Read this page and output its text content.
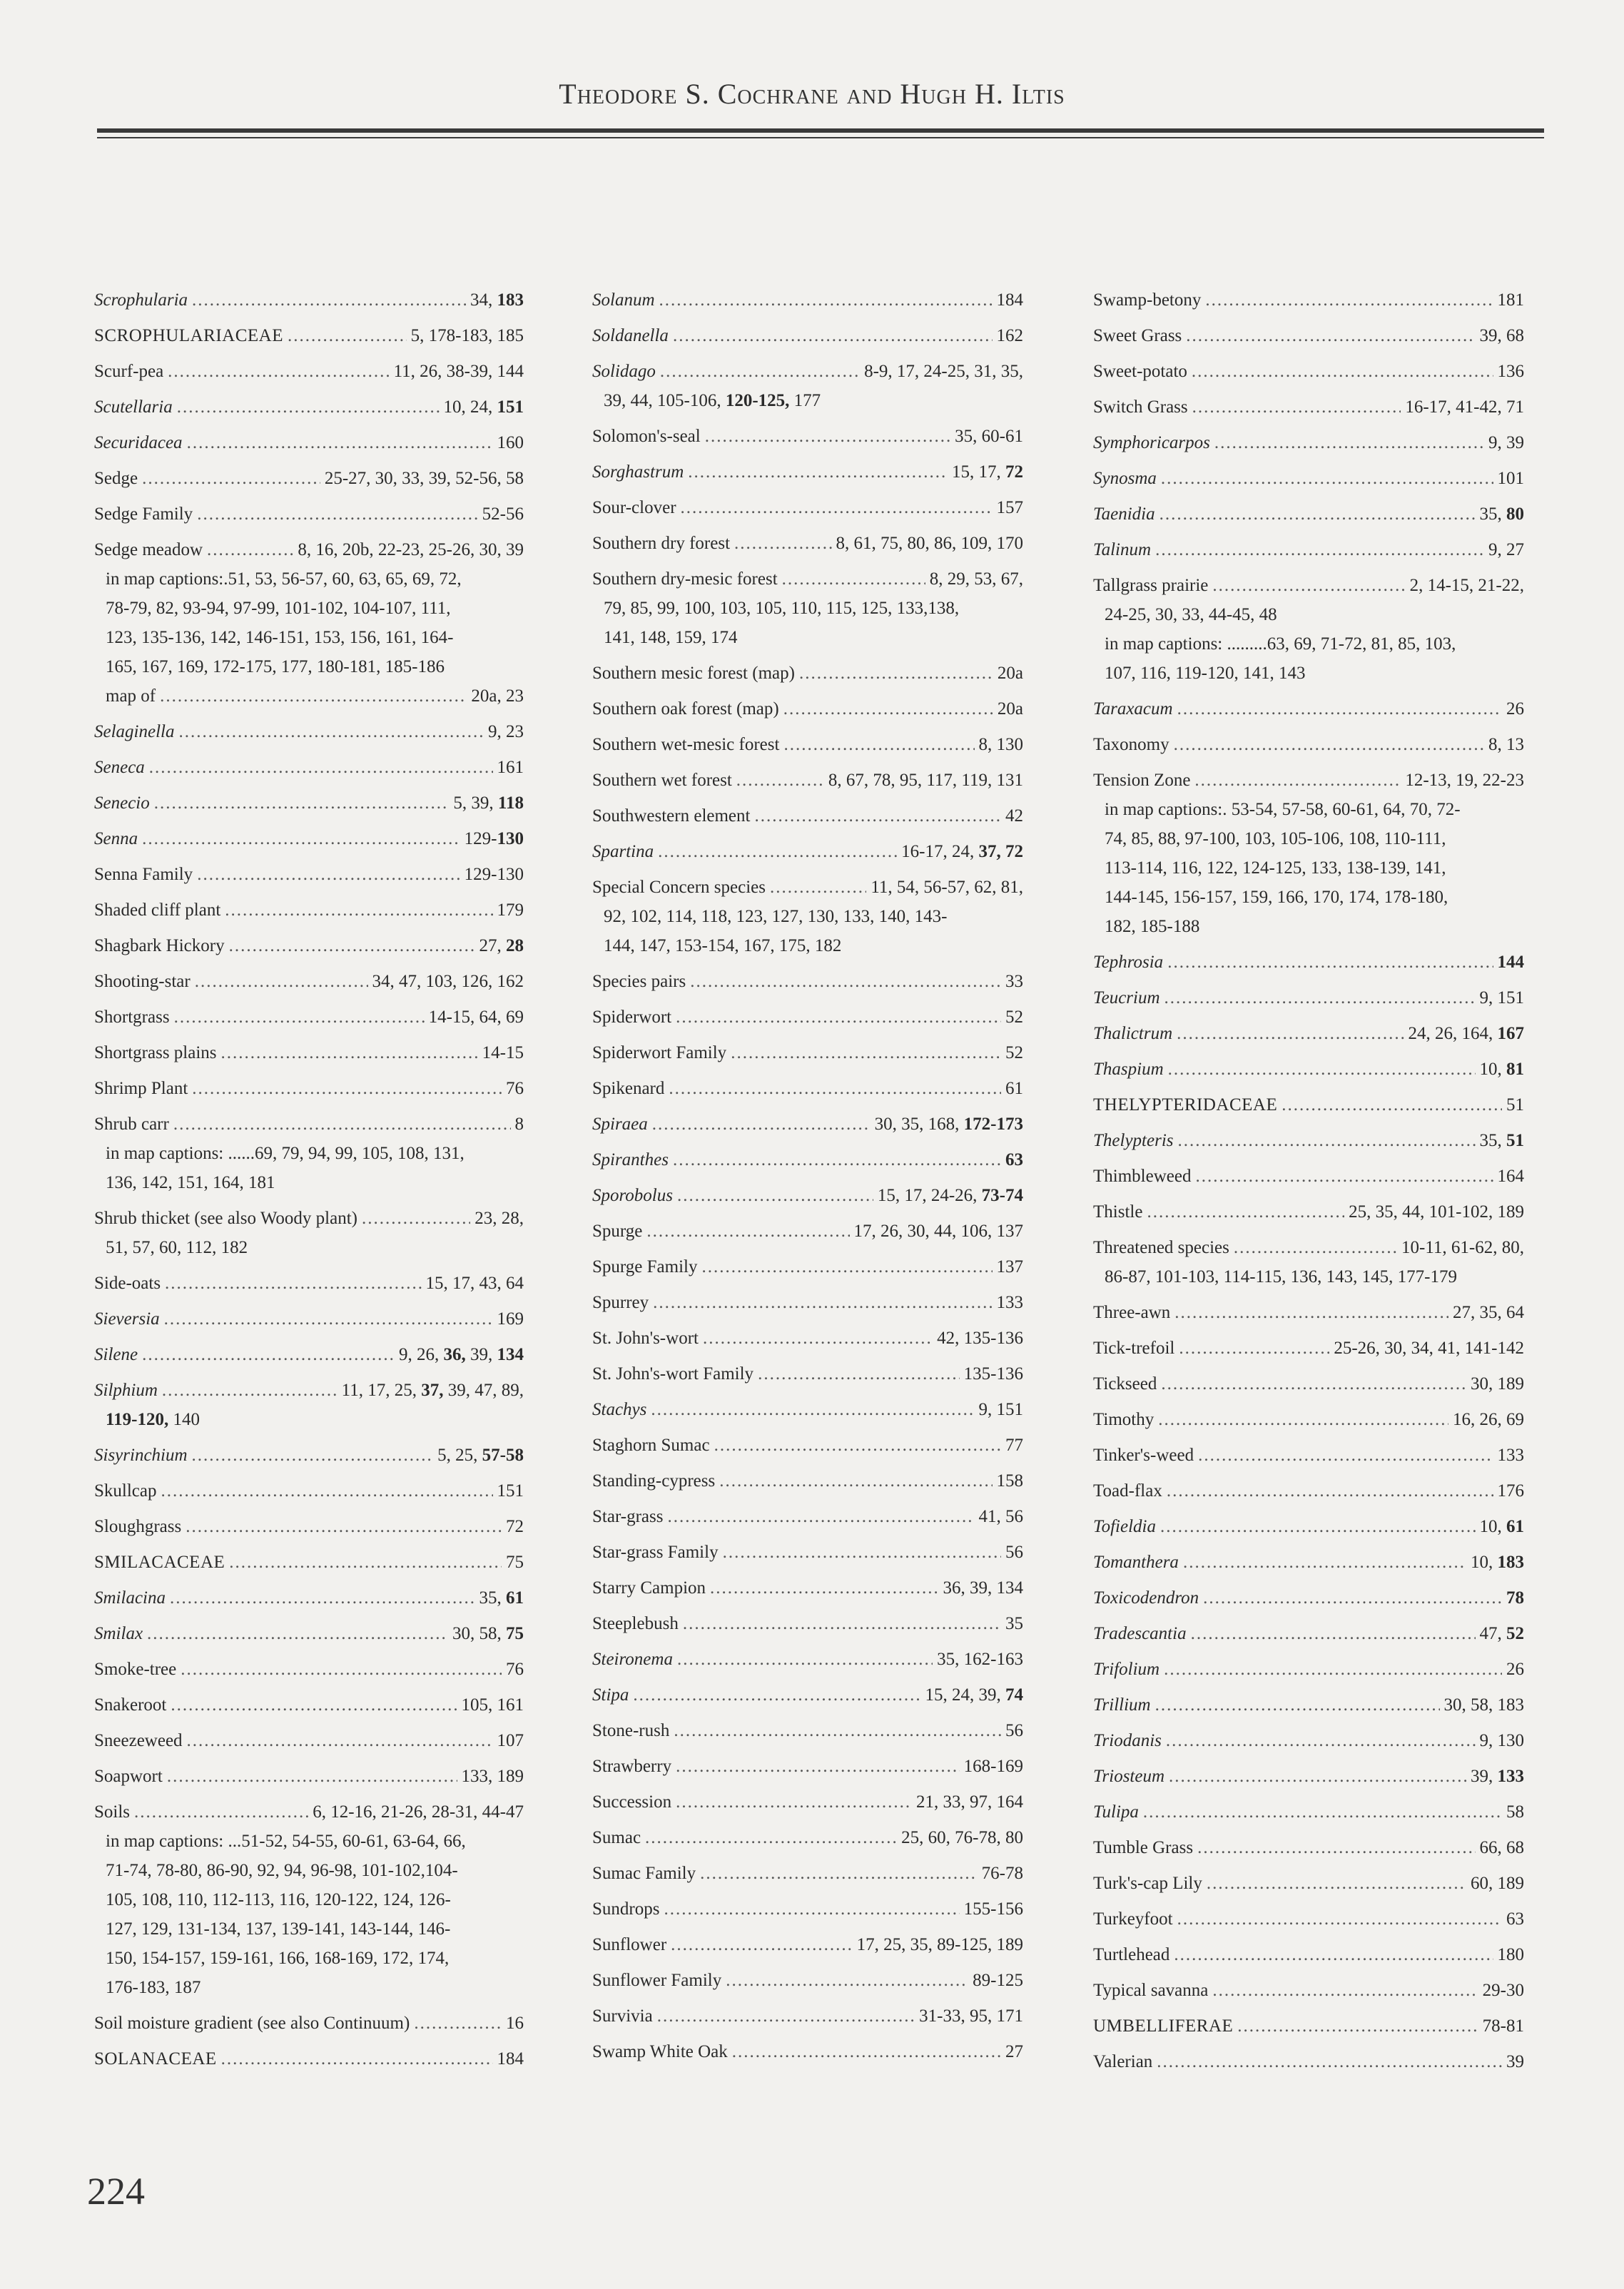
Theodore S. Cochrane and Hugh H. Iltis
Scrophularia .....	34, 183
SCROPHULARIACEAE .....	5, 178-183, 185
Scurf-pea .....	11, 26, 38-39, 144
Scutellaria .....	10, 24, 151
Securidacea .....	160
Sedge .....	25-27, 30, 33, 39, 52-56, 58
Sedge Family .....	52-56
Sedge meadow .....	8, 16, 20b, 22-23, 25-26, 30, 39
in map captions:.51, 53, 56-57, 60, 63, 65, 69, 72,
78-79, 82, 93-94, 97-99, 101-102, 104-107, 111,
123, 135-136, 142, 146-151, 153, 156, 161, 164-
165, 167, 169, 172-175, 177, 180-181, 185-186
map of .....	20a, 23
Selaginella .....	9, 23
Seneca .....	161
Senecio .....	5, 39, 118
Senna .....	129-130
Senna Family .....	129-130
Shaded cliff plant .....	179
Shagbark Hickory .....	27, 28
Shooting-star .....	34, 47, 103, 126, 162
Shortgrass .....	14-15, 64, 69
Shortgrass plains .....	14-15
Shrimp Plant .....	76
Shrub carr .....	8
in map captions: ......69, 79, 94, 99, 105, 108, 131,
136, 142, 151, 164, 181
Shrub thicket (see also Woody plant) .....	23, 28,
51, 57, 60, 112, 182
Side-oats .....	15, 17, 43, 64
Sieversia .....	169
Silene .....	9, 26, 36, 39, 134
Silphium .....	11, 17, 25, 37, 39, 47, 89,
119-120, 140
Sisyrinchium .....	5, 25, 57-58
Skullcap .....	151
Sloughgrass .....	72
SMILACACEAE .....	75
Smilacina .....	35, 61
Smilax .....	30, 58, 75
Smoke-tree .....	76
Snakeroot .....	105, 161
Sneezeweed .....	107
Soapwort .....	133, 189
Soils .....	6, 12-16, 21-26, 28-31, 44-47
in map captions: ...51-52, 54-55, 60-61, 63-64, 66,
71-74, 78-80, 86-90, 92, 94, 96-98, 101-102,104-
105, 108, 110, 112-113, 116, 120-122, 124, 126-
127, 129, 131-134, 137, 139-141, 143-144, 146-
150, 154-157, 159-161, 166, 168-169, 172, 174,
176-183, 187
Soil moisture gradient (see also Continuum) .....	16
SOLANACEAE .....	184
Solanum .....	184
Soldanella .....	162
Solidago .....	8-9, 17, 24-25, 31, 35,
39, 44, 105-106, 120-125, 177
Solomon's-seal .....	35, 60-61
Sorghastrum .....	15, 17, 72
Sour-clover .....	157
Southern dry forest .....	8, 61, 75, 80, 86, 109, 170
Southern dry-mesic forest .....	8, 29, 53, 67,
79, 85, 99, 100, 103, 105, 110, 115, 125, 133,138,
141, 148, 159, 174
Southern mesic forest (map) .....	20a
Southern oak forest (map) .....	20a
Southern wet-mesic forest .....	8, 130
Southern wet forest .....	8, 67, 78, 95, 117, 119, 131
Southwestern element .....	42
Spartina .....	16-17, 24, 37, 72
Special Concern species .....	11, 54, 56-57, 62, 81,
92, 102, 114, 118, 123, 127, 130, 133, 140, 143-
144, 147, 153-154, 167, 175, 182
Species pairs .....	33
Spiderwort .....	52
Spiderwort Family .....	52
Spikenard .....	61
Spiraea .....	30, 35, 168, 172-173
Spiranthes .....	63
Sporobolus .....	15, 17, 24-26, 73-74
Spurge .....	17, 26, 30, 44, 106, 137
Spurge Family .....	137
Spurrey .....	133
St. John's-wort .....	42, 135-136
St. John's-wort Family .....	135-136
Stachys .....	9, 151
Staghorn Sumac .....	77
Standing-cypress .....	158
Star-grass .....	41, 56
Star-grass Family .....	56
Starry Campion .....	36, 39, 134
Steeplebush .....	35
Steironema .....	35, 162-163
Stipa .....	15, 24, 39, 74
Stone-rush .....	56
Strawberry .....	168-169
Succession .....	21, 33, 97, 164
Sumac .....	25, 60, 76-78, 80
Sumac Family .....	76-78
Sundrops .....	155-156
Sunflower .....	17, 25, 35, 89-125, 189
Sunflower Family .....	89-125
Survivia .....	31-33, 95, 171
Swamp White Oak .....	27
Swamp-betony .....	181
Sweet Grass .....	39, 68
Sweet-potato .....	136
Switch Grass .....	16-17, 41-42, 71
Symphoricarpos .....	9, 39
Synosma .....	101
Taenidia .....	35, 80
Talinum .....	9, 27
Tallgrass prairie .....	2, 14-15, 21-22,
24-25, 30, 33, 44-45, 48
in map captions: .........63, 69, 71-72, 81, 85, 103,
107, 116, 119-120, 141, 143
Taraxacum .....	26
Taxonomy .....	8, 13
Tension Zone .....	12-13, 19, 22-23
in map captions:. 53-54, 57-58, 60-61, 64, 70, 72-
74, 85, 88, 97-100, 103, 105-106, 108, 110-111,
113-114, 116, 122, 124-125, 133, 138-139, 141,
144-145, 156-157, 159, 166, 170, 174, 178-180,
182, 185-188
Tephrosia .....	144
Teucrium .....	9, 151
Thalictrum .....	24, 26, 164, 167
Thaspium .....	10, 81
THELYPTERIDACEAE .....	51
Thelypteris .....	35, 51
Thimbleweed .....	164
Thistle .....	25, 35, 44, 101-102, 189
Threatened species .....	10-11, 61-62, 80,
86-87, 101-103, 114-115, 136, 143, 145, 177-179
Three-awn .....	27, 35, 64
Tick-trefoil .....	25-26, 30, 34, 41, 141-142
Tickseed .....	30, 189
Timothy .....	16, 26, 69
Tinker's-weed .....	133
Toad-flax .....	176
Tofieldia .....	10, 61
Tomanthera .....	10, 183
Toxicodendron .....	78
Tradescantia .....	47, 52
Trifolium .....	26
Trillium .....	30, 58, 183
Triodanis .....	9, 130
Triosteum .....	39, 133
Tulipa .....	58
Tumble Grass .....	66, 68
Turk's-cap Lily .....	60, 189
Turkeyfoot .....	63
Turtlehead .....	180
Typical savanna .....	29-30
UMBELLIFERAE .....	78-81
Valerian .....	39
224
